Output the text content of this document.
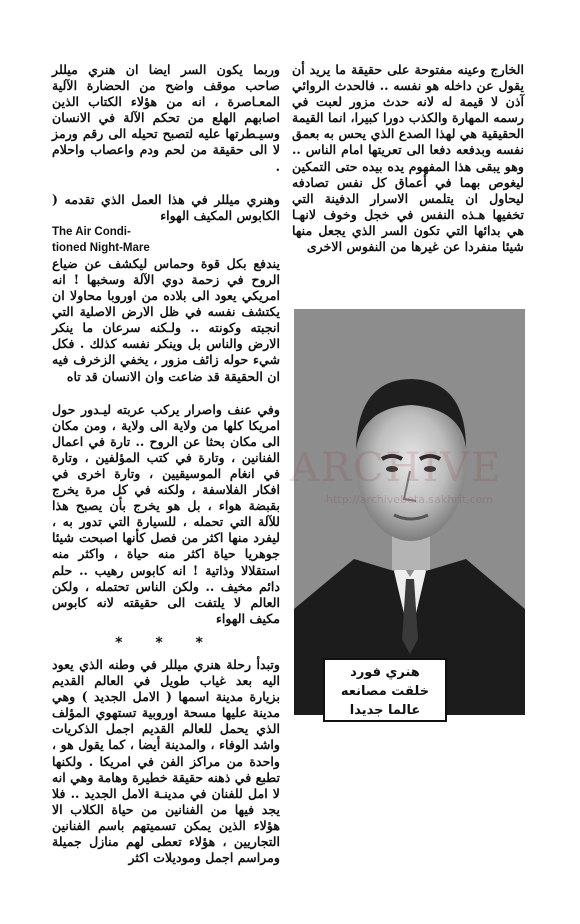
الخارج وعينه مفتوحة على حقيقة ما يريد أن يقول عن داخله هو نفسه .. فالحدث الروائي آذن لا قيمة له لانه حدث مزور لعبت في رسمه المهارة والكذب دورا كبيرا، انما القيمة الحقيقية هي لهذا الصدع الذي يحس به بعمق نفسه وبدفعه دفعا الى تعريتها امام الناس .. وهو يبقى هذا المفهوم يده بيده حتى التمكين ليغوص بهما في أعماق كل نفس تصادفه ليحاول ان يتلمس الاسرار الدفينة التي تخفيها هـذه النفس في خجل وخوف لانهـا هي بدائها التي تكون السر الذي يجعل منها شيئا منفردا عن غيرها من النفوس الاخرى

هنري فورد
خلقت مصانعه
عالما جديدا

وربما يكون السر ايضا ان هنري ميللر صاحب موقف واضح من الحضارة الآلية المعـاصرة ، انه من هؤلاء الكتاب الذين اصابهم الهلع من تحكم الآلة في الانسان وسيـطرتها عليه لتصبح تحيله الى رقم ورمز لا الى حقيقة من لحم ودم واعصاب واحلام .

وهنري ميللر في هذا العمل الذي تقدمه ( الكابوس المكيف الهواء
The Air Condi-
tioned Night-Mare
يندفع بكل قوة وحماس ليكشف عن ضياع الروح في زحمة دوي الآلة وسخبها ! انه امريكي يعود الى بلاده من اوروبا محاولا ان يكتشف نفسه في ظل الارض الاصلية التي انجبته وكونته .. ولـكنه سرعان ما ينكر الارض والناس بل وينكر نفسه كذلك . فكل شيء حوله زائف مزور ، يخفي الزخرف فيه ان الحقيقة قد ضاعت وان الانسان قد تاه

وفي عنف واصرار يركب عربته ليـدور حول امريكا كلها من ولاية الى ولاية ، ومن مكان الى مكان بحثا عن الروح .. تارة في اعمال الفنانين ، وتارة في كتب المؤلفين ، وتارة في انغام الموسيقيين ، وتارة اخرى في افكار الفلاسفة ، ولكنه في كل مرة يخرج بقبضة هواء ، بل هو يخرج بأن يصبح هذا للآلة التي تحمله ، للسيارة التي تدور به ، ليفرد منها اكثر من فصل كأنها اصبحت شيئا جوهريا حياة اكثر منه حياة ، واكثر منه استقلالا وذاتية ! انه كابوس رهيب .. حلم دائم مخيف .. ولكن الناس تحتمله ، ولكن العالم لا يلتفت الى حقيقته لانه كابوس مكيف الهواء

* * *

وتبدأ رحلة هنري ميللر في وطنه الذي يعود اليه بعد غياب طويل في العالم القديم بزيارة مدينة اسمها ( الامل الجديد ) وهي مدينة عليها مسحة اوروبية تستهوي المؤلف الذي يحمل للعالم القديم اجمل الذكريات واشد الوفاء ، والمدينة أيضا ، كما يقول هو ، واحدة من مراكز الفن في امريكا . ولكنها تطبع في ذهنه حقيقة خطيرة وهامة وهي انه لا امل للفنان في مدينـة الامل الجديد .. فلا يجد فيها من الفنانين من حياة الكلاب الا هؤلاء الذين يمكن تسميتهم باسم الفنانين التجاريين ، هؤلاء تعطى لهم منازل جميلة ومراسم اجمل وموديلات اكثر

http://archivebeta.sakhrit.com
